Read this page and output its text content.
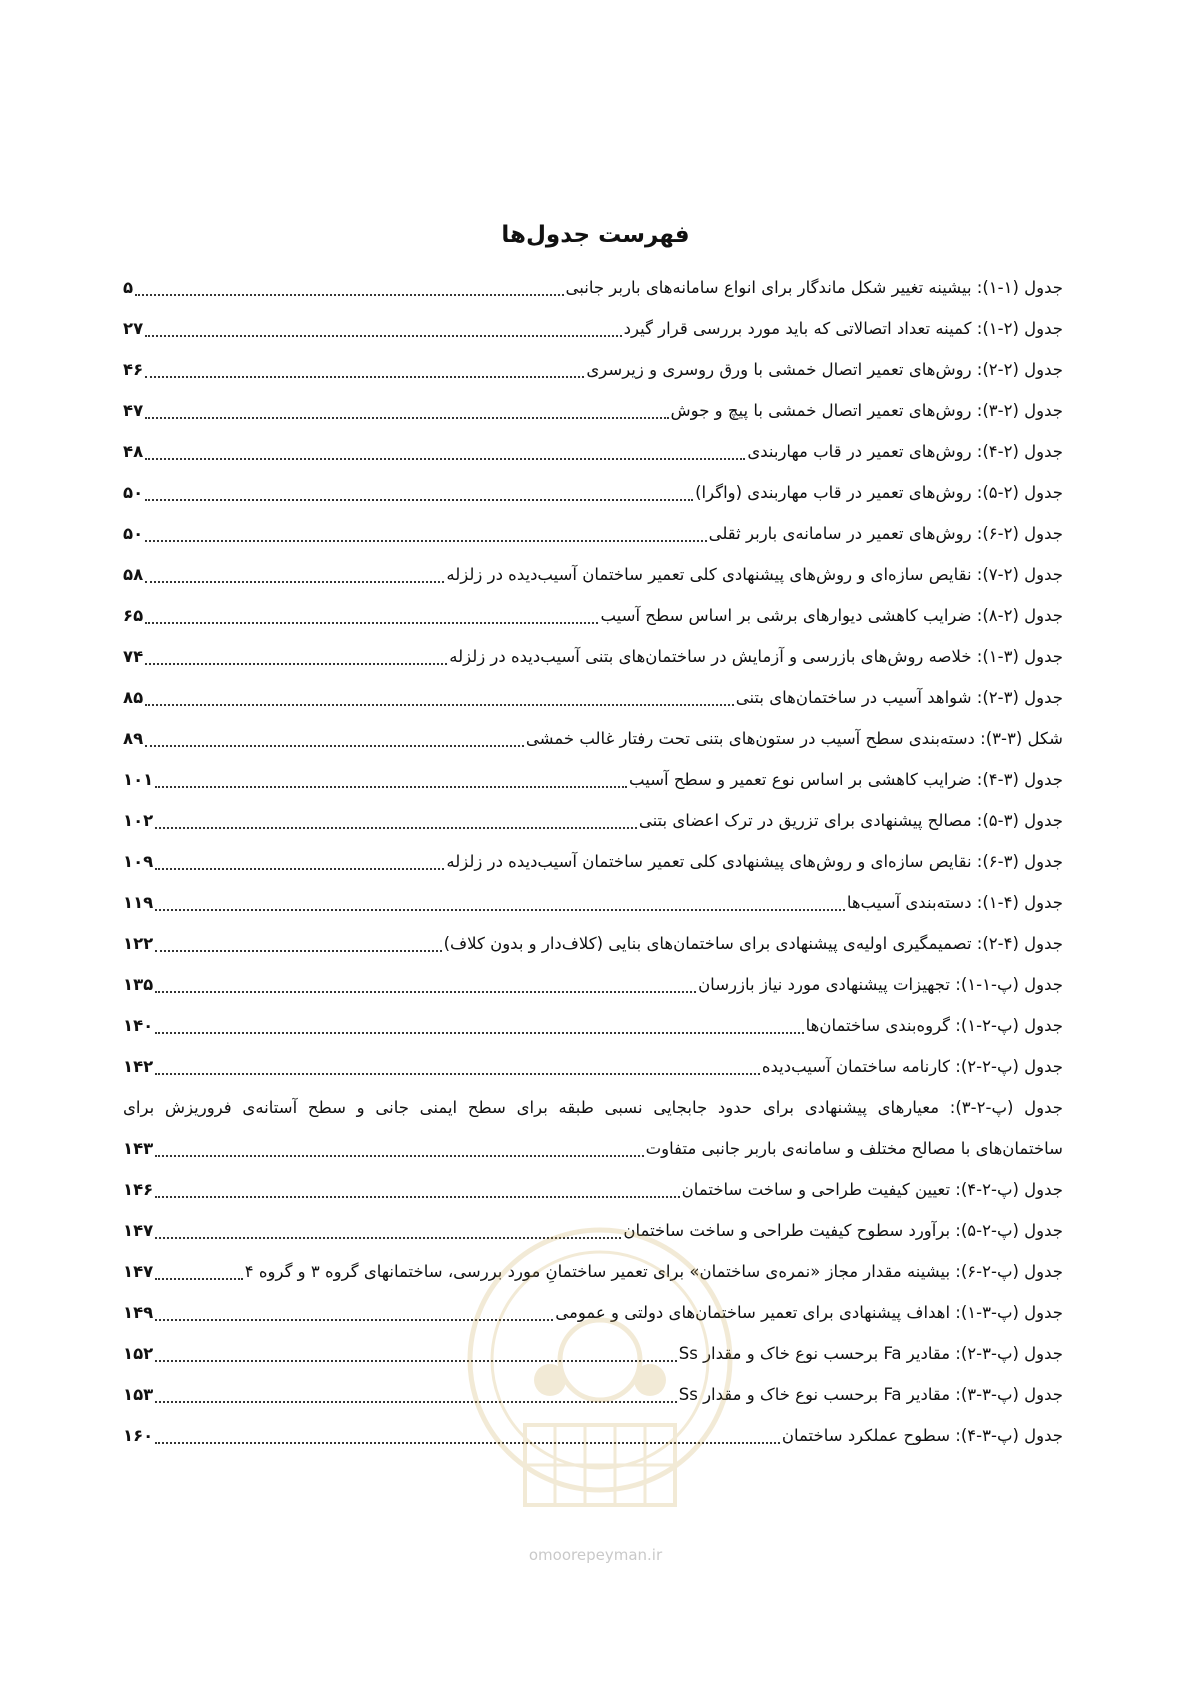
فهرست جدول‌ها
جدول (۱-۱): بیشینه تغییر شکل ماندگار برای انواع سامانه‌های باربر جانبی
۵
جدول (۲-۱): کمینه تعداد اتصالاتی که باید مورد بررسی قرار گیرد
۲۷
جدول (۲-۲): روش‌های تعمیر اتصال خمشی با ورق روسری و زیرسری
۴۶
جدول (۲-۳): روش‌های تعمیر اتصال خمشی با پیچ و جوش
۴۷
جدول (۲-۴): روش‌های تعمیر در قاب مهاربندی
۴۸
جدول (۲-۵): روش‌های تعمیر در قاب مهاربندی (واگرا)
۵۰
جدول (۲-۶): روش‌های تعمیر در سامانه‌ی باربر ثقلی
۵۰
جدول (۲-۷): نقایص سازه‌ای و روش‌های پیشنهادی کلی تعمیر ساختمان آسیب‌دیده در زلزله
۵۸
جدول (۲-۸): ضرایب کاهشی دیوارهای برشی بر اساس سطح آسیب
۶۵
جدول (۳-۱): خلاصه روش‌های بازرسی و آزمایش در ساختمان‌های بتنی آسیب‌دیده در زلزله
۷۴
جدول (۳-۲): شواهد آسیب در ساختمان‌های بتنی
۸۵
شکل (۳-۳): دسته‌بندی سطح آسیب در ستون‌های بتنی تحت رفتار غالب خمشی
۸۹
جدول (۳-۴): ضرایب کاهشی بر اساس نوع تعمیر و سطح آسیب
۱۰۱
جدول (۳-۵): مصالح پیشنهادی برای تزریق در ترک اعضای بتنی
۱۰۲
جدول (۳-۶): نقایص سازه‌ای و روش‌های پیشنهادی کلی تعمیر ساختمان آسیب‌دیده در زلزله
۱۰۹
جدول (۴-۱): دسته‌بندی آسیب‌ها
۱۱۹
جدول (۴-۲): تصمیمگیری اولیه‌ی پیشنهادی برای ساختمان‌های بنایی (کلاف‌دار و بدون کلاف)
۱۲۲
جدول (پ-۱-۱): تجهیزات پیشنهادی مورد نیاز بازرسان
۱۳۵
جدول (پ-۲-۱): گروه‌بندی ساختمان‌ها
۱۴۰
جدول (پ-۲-۲): کارنامه ساختمان آسیب‌دیده
۱۴۲
جدول (پ-۲-۳): معیارهای پیشنهادی برای حدود جابجایی نسبی طبقه برای سطح ایمنی جانی و سطح آستانه‌ی فروریزش برای
ساختمان‌های با مصالح مختلف و سامانه‌ی باربر جانبی متفاوت
۱۴۳
جدول (پ-۲-۴): تعیین کیفیت طراحی و ساخت ساختمان
۱۴۶
جدول (پ-۲-۵): برآورد سطوح کیفیت طراحی و ساخت ساختمان
۱۴۷
جدول (پ-۲-۶): بیشینه مقدار مجاز «نمره‌ی ساختمان» برای تعمیر ساختمانِ مورد بررسی، ساختمانهای گروه ۳ و گروه ۴
۱۴۷
جدول (پ-۳-۱): اهداف پیشنهادی برای تعمیر ساختمان‌های دولتی و عمومی
۱۴۹
جدول (پ-۳-۲): مقادیر Fa برحسب نوع خاک و مقدار Ss
۱۵۲
جدول (پ-۳-۳): مقادیر Fa برحسب نوع خاک و مقدار Ss
۱۵۳
جدول (پ-۳-۴): سطوح عملکرد ساختمان
۱۶۰
omoorepeyman.ir
